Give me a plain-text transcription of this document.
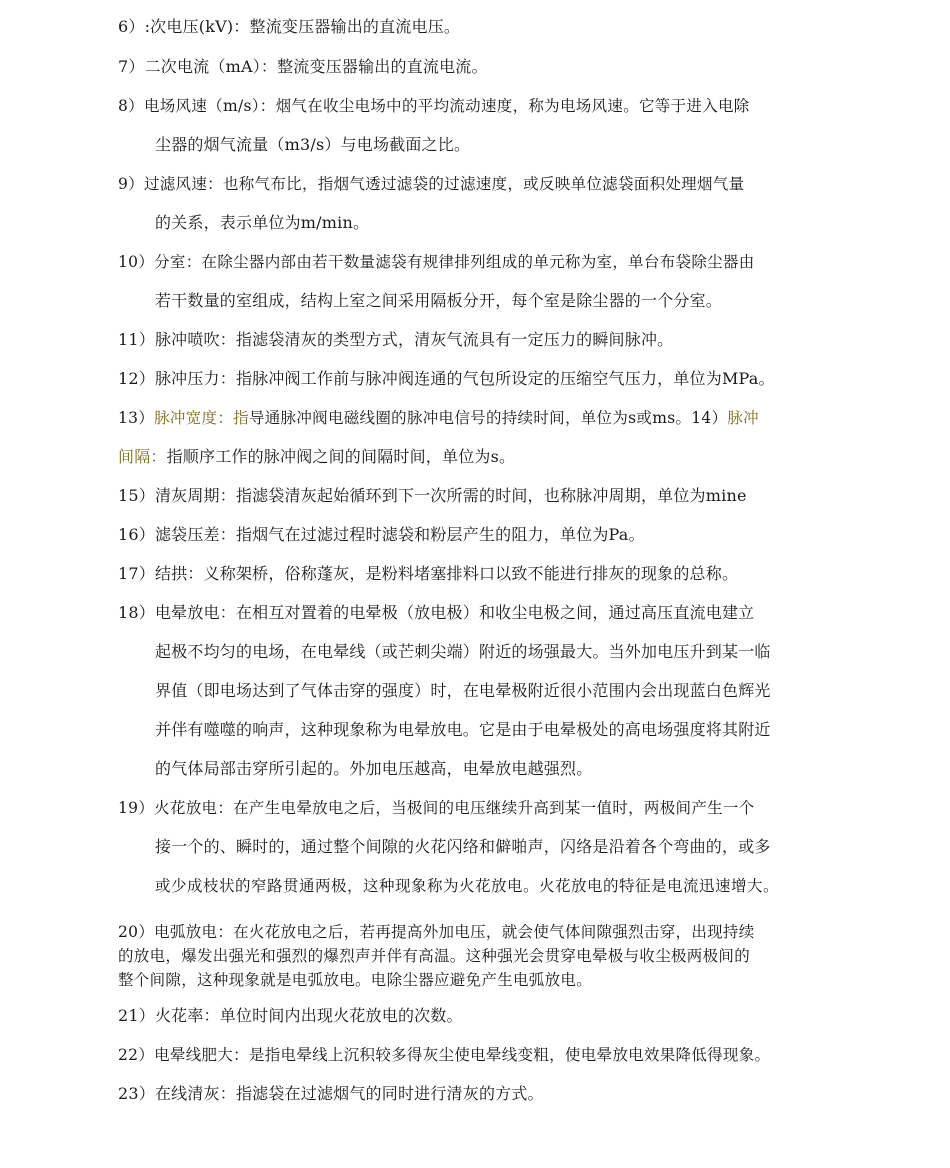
6）:次电压(kV)：整流变压器输出的直流电压。
7）二次电流（mA）：整流变压器输出的直流电流。
8）电场风速（m/s）：烟气在收尘电场中的平均流动速度，称为电场风速。它等于进入电除
尘器的烟气流量（m3/s）与电场截面之比。
9）过滤风速：也称气布比，指烟气透过滤袋的过滤速度，或反映单位滤袋面积处理烟气量
的关系，表示单位为m/min。
10）分室：在除尘器内部由若干数量滤袋有规律排列组成的单元称为室，单台布袋除尘器由
若干数量的室组成，结构上室之间采用隔板分开，每个室是除尘器的一个分室。
11）脉冲喷吹：指滤袋清灰的类型方式，清灰气流具有一定压力的瞬间脉冲。
12）脉冲压力：指脉冲阀工作前与脉冲阀连通的气包所设定的压缩空气压力，单位为MPa。
13）脉冲宽度：指导通脉冲阀电磁线圈的脉冲电信号的持续时间，单位为s或ms。14）脉冲
间隔：指顺序工作的脉冲阀之间的间隔时间，单位为s。
15）清灰周期：指滤袋清灰起始循环到下一次所需的时间，也称脉冲周期，单位为mine
16）滤袋压差：指烟气在过滤过程时滤袋和粉层产生的阻力，单位为Pa。
17）结拱：义称架桥，俗称蓬灰，是粉料堵塞排料口以致不能进行排灰的现象的总称。
18）电晕放电：在相互对置着的电晕极（放电极）和收尘电极之间，通过高压直流电建立
起极不均匀的电场，在电晕线（或芒刺尖端）附近的场强最大。当外加电压升到某一临
界值（即电场达到了气体击穿的强度）时，在电晕极附近很小范围内会出现蓝白色辉光
并伴有噬噬的响声，这种现象称为电晕放电。它是由于电晕极处的高电场强度将其附近
的气体局部击穿所引起的。外加电压越高，电晕放电越强烈。
19）火花放电：在产生电晕放电之后，当极间的电压继续升高到某一值时，两极间产生一个
接一个的、瞬时的，通过整个间隙的火花闪络和僻啪声，闪络是沿着各个弯曲的，或多
或少成枝状的窄路贯通两极，这种现象称为火花放电。火花放电的特征是电流迅速增大。
20）电弧放电：在火花放电之后，若再提高外加电压，就会使气体间隙强烈击穿，出现持续
的放电，爆发出强光和强烈的爆烈声并伴有高温。这种强光会贯穿电晕极与收尘极两极间的
整个间隙，这种现象就是电弧放电。电除尘器应避免产生电弧放电。
21）火花率：单位时间内出现火花放电的次数。
22）电晕线肥大：是指电晕线上沉积较多得灰尘使电晕线变粗，使电晕放电效果降低得现象。
23）在线清灰：指滤袋在过滤烟气的同时进行清灰的方式。
